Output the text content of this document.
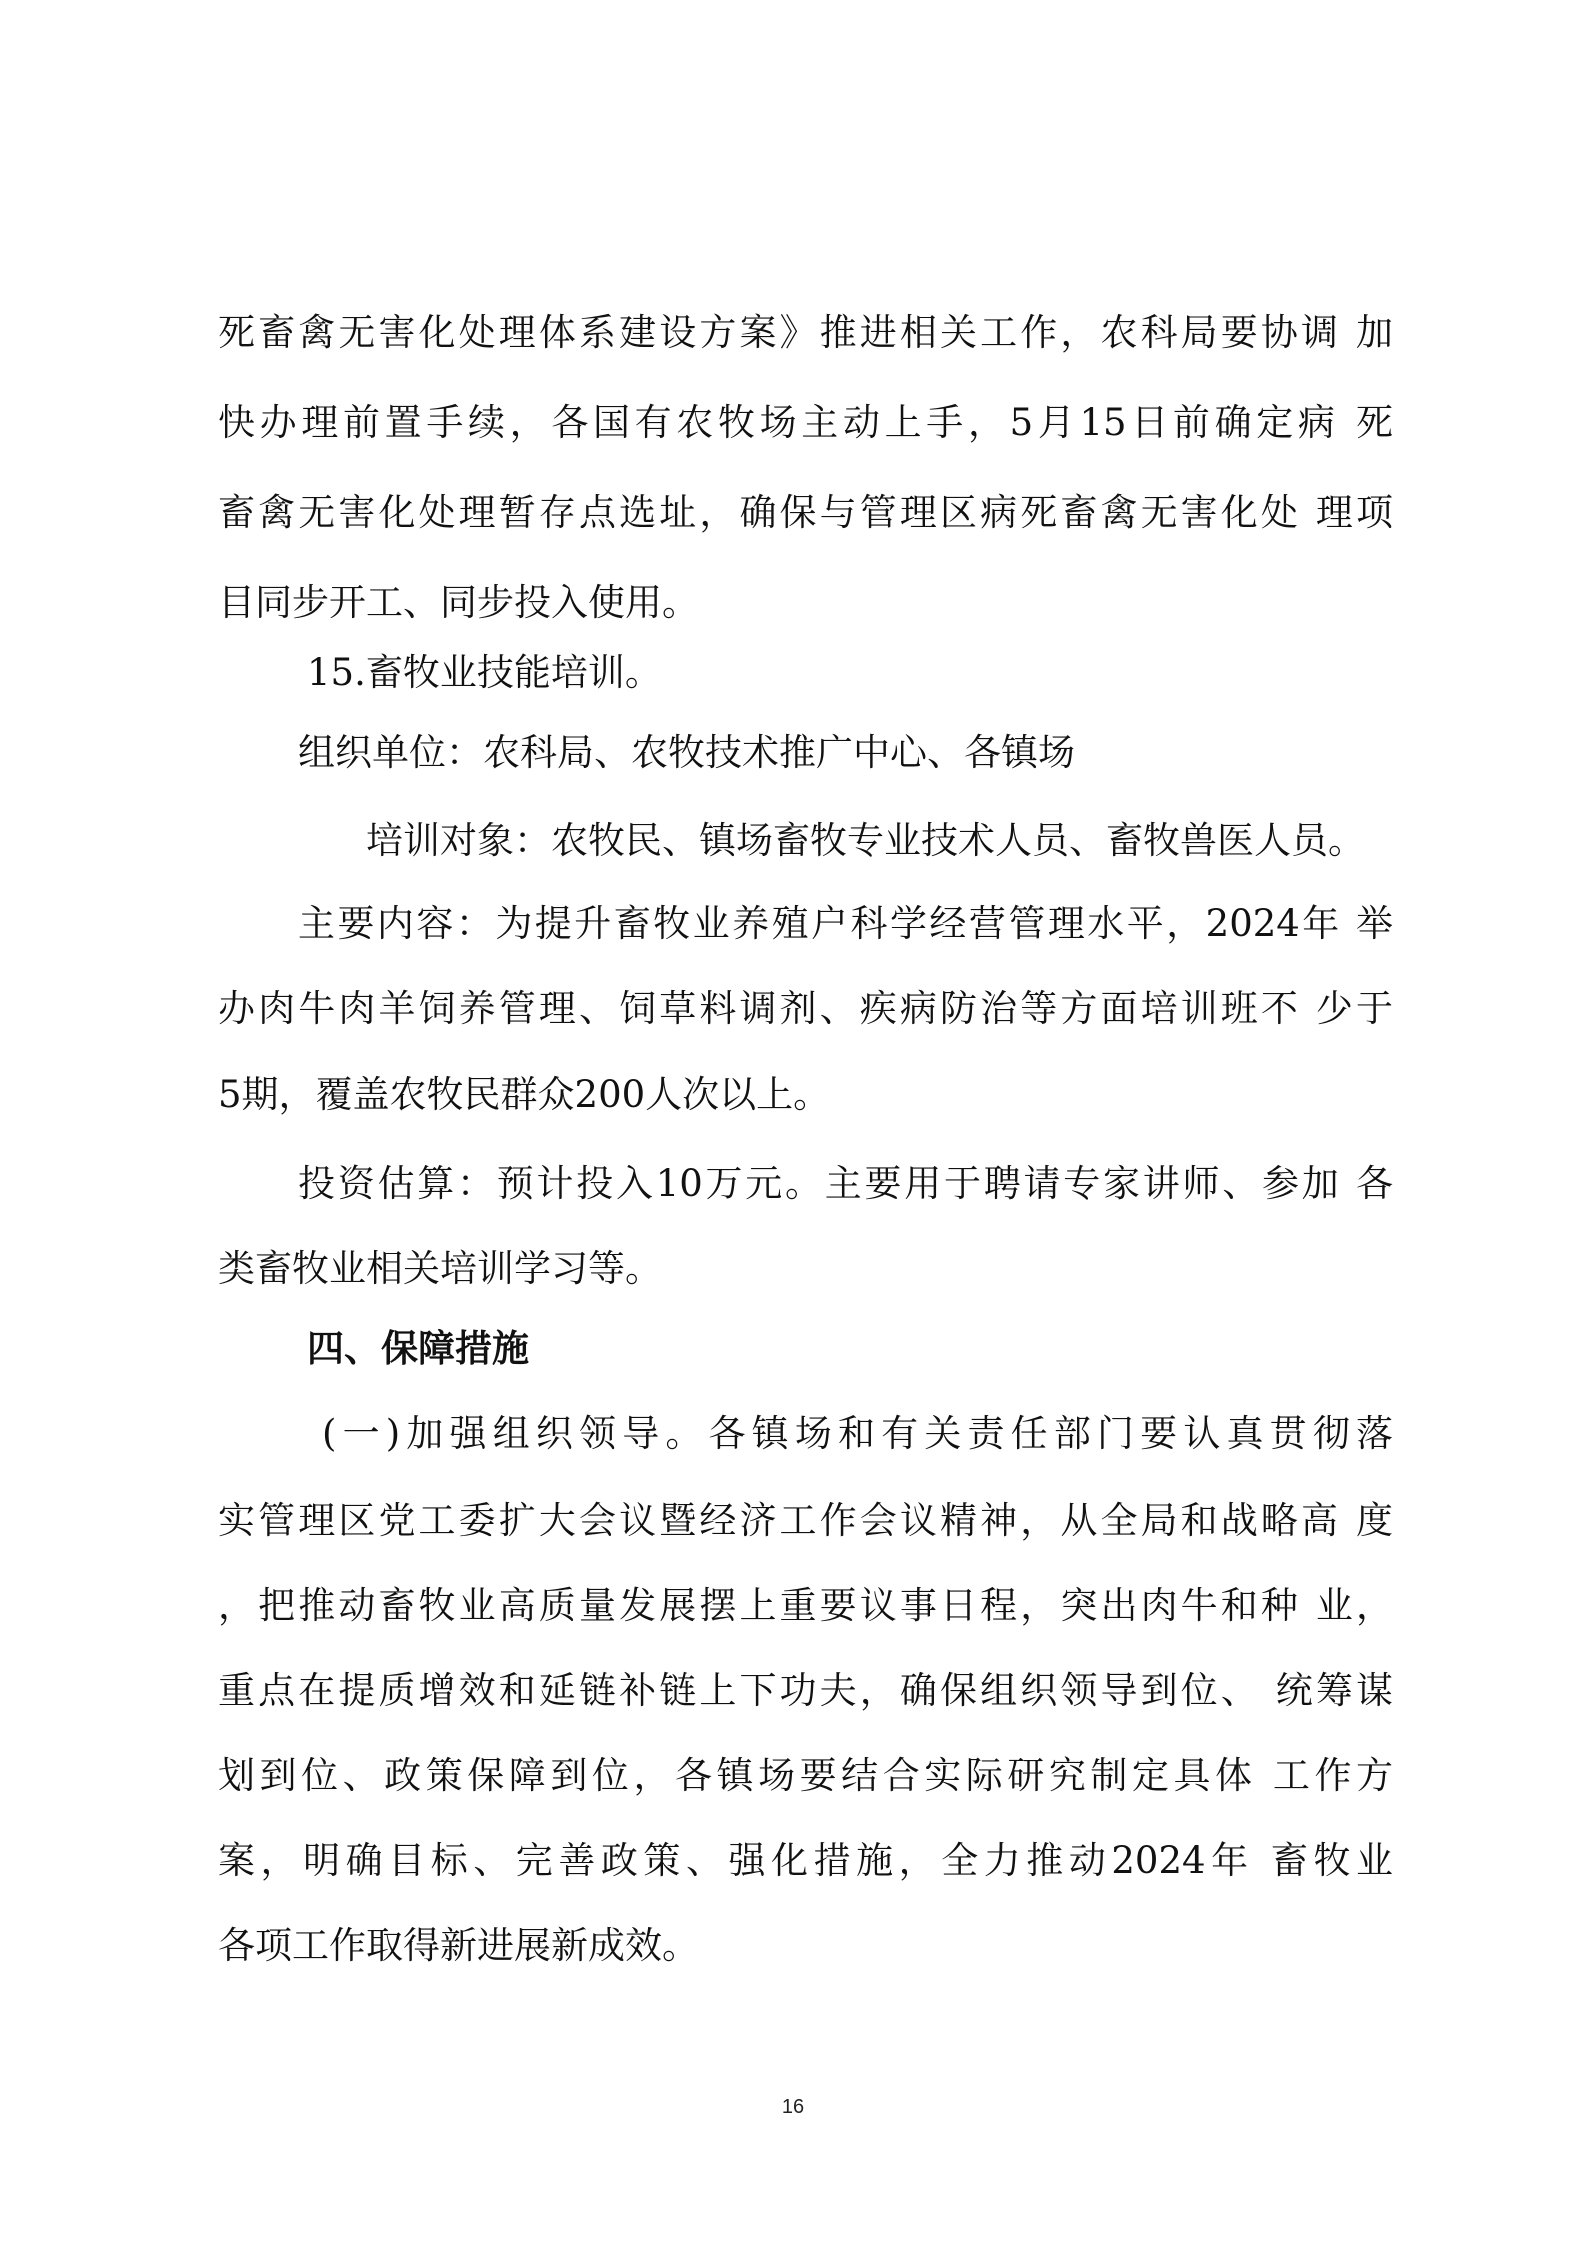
死畜禽无害化处理体系建设方案》推进相关工作，农科局要协调 加
快办理前置手续，各国有农牧场主动上手，5月15日前确定病 死
畜禽无害化处理暂存点选址，确保与管理区病死畜禽无害化处 理项
目同步开工、同步投入使用。
15.畜牧业技能培训。
组织单位：农科局、农牧技术推广中心、各镇场
培训对象：农牧民、镇场畜牧专业技术人员、畜牧兽医人员。
主要内容：为提升畜牧业养殖户科学经营管理水平，2024年 举
办肉牛肉羊饲养管理、饲草料调剂、疾病防治等方面培训班不 少于
5期，覆盖农牧民群众200人次以上。
投资估算：预计投入10万元。主要用于聘请专家讲师、参加 各
类畜牧业相关培训学习等。
四、保障措施
(一)加强组织领导。各镇场和有关责任部门要认真贯彻落
实管理区党工委扩大会议暨经济工作会议精神，从全局和战略高 度
，把推动畜牧业高质量发展摆上重要议事日程，突出肉牛和种 业，
重点在提质增效和延链补链上下功夫，确保组织领导到位、 统筹谋
划到位、政策保障到位，各镇场要结合实际研究制定具体 工作方
案，明确目标、完善政策、强化措施，全力推动2024年 畜牧业
各项工作取得新进展新成效。
16
